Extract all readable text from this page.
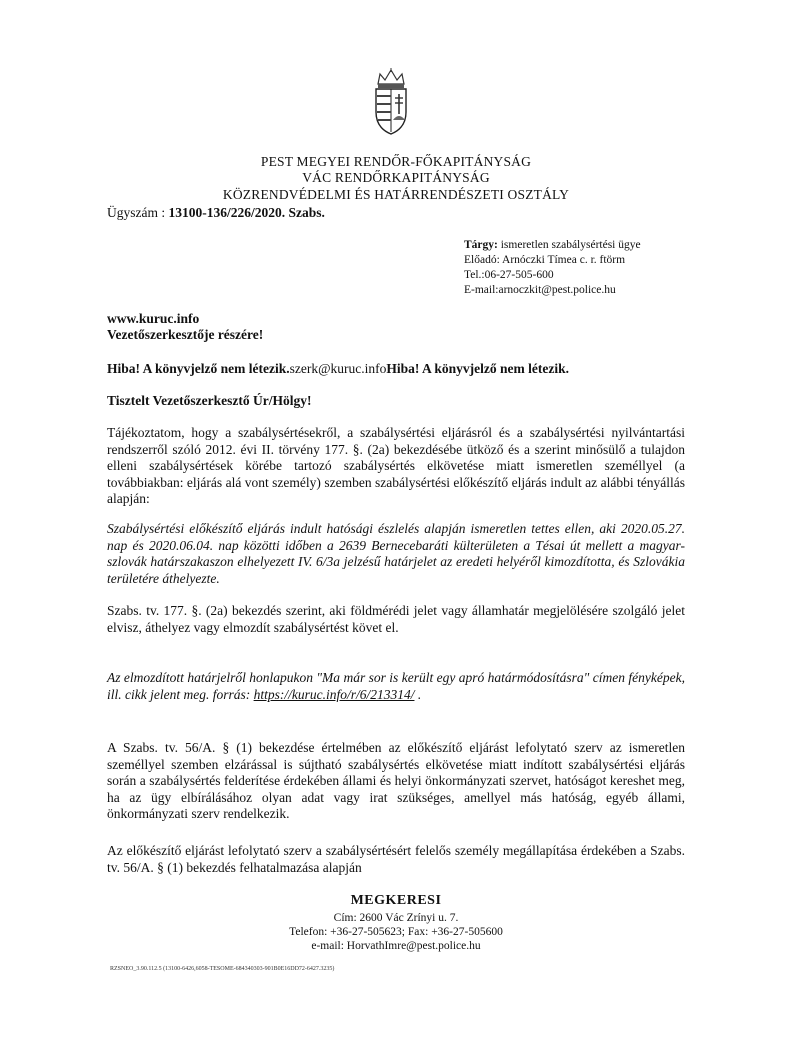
PEST MEGYEI RENDŐR-FŐKAPITÁNYSÁG
VÁC RENDŐRKAPITÁNYSÁG
KÖZRENDVÉDELMI ÉS HATÁRRENDÉSZETI OSZTÁLY
Ügyszám : 13100-136/226/2020. Szabs.
Tárgy: ismeretlen szabálysértési ügye
Előadó: Arnóczki Tímea c. r. ftörm
Tel.:06-27-505-600
E-mail:arnoczkit@pest.police.hu
www.kuruc.info
Vezetőszerkesztője részére!
Hiba! A könyvjelző nem létezik.szerk@kuruc.infoHiba! A könyvjelző nem létezik.
Tisztelt Vezetőszerkesztő Úr/Hölgy!
Tájékoztatom, hogy a szabálysértésekről, a szabálysértési eljárásról és a szabálysértési nyilvántartási rendszerről szóló 2012. évi II. törvény 177. §. (2a) bekezdésébe ütköző és a szerint minősülő a tulajdon elleni szabálysértések körébe tartozó szabálysértés elkövetése miatt ismeretlen személlyel (a továbbiakban: eljárás alá vont személy) szemben szabálysértési előkészítő eljárás indult az alábbi tényállás alapján:
Szabálysértési előkészítő eljárás indult hatósági észlelés alapján ismeretlen tettes ellen, aki 2020.05.27. nap és 2020.06.04. nap közötti időben a 2639 Bernecebaráti külterületen a Tésai út mellett a magyar-szlovák határszakaszon elhelyezett IV. 6/3a jelzésű határjelet az eredeti helyéről kimozdította, és Szlovákia területére áthelyezte.
Szabs. tv. 177. §. (2a) bekezdés szerint, aki földmérédi jelet vagy államhatár megjelölésére szolgáló jelet elvisz, áthelyez vagy elmozdít szabálysértést követ el.
Az elmozdított határjelről honlapukon "Ma már sor is került egy apró határmódosításra" címen fényképek, ill. cikk jelent meg. forrás: https://kuruc.info/r/6/213314/ .
A Szabs. tv. 56/A. § (1) bekezdése értelmében az előkészítő eljárást lefolytató szerv az ismeretlen személlyel szemben elzárással is sújtható szabálysértés elkövetése miatt indított szabálysértési eljárás során a szabálysértés felderítése érdekében állami és helyi önkormányzati szervet, hatóságot kereshet meg, ha az ügy elbírálásához olyan adat vagy irat szükséges, amellyel más hatóság, egyéb állami, önkormányzati szerv rendelkezik.
Az előkészítő eljárást lefolytató szerv a szabálysértésért felelős személy megállapítása érdekében a Szabs. tv. 56/A. § (1) bekezdés felhatalmazása alapján
MEGKERESI
Cím: 2600 Vác Zrínyi u. 7.
Telefon: +36-27-505623; Fax: +36-27-505600
e-mail: HorvathImre@pest.police.hu
RZSNEO_3.90.112.5 (13100-6426,6058-TESOME-684340303-901B0E16DD72-6427.3235)
